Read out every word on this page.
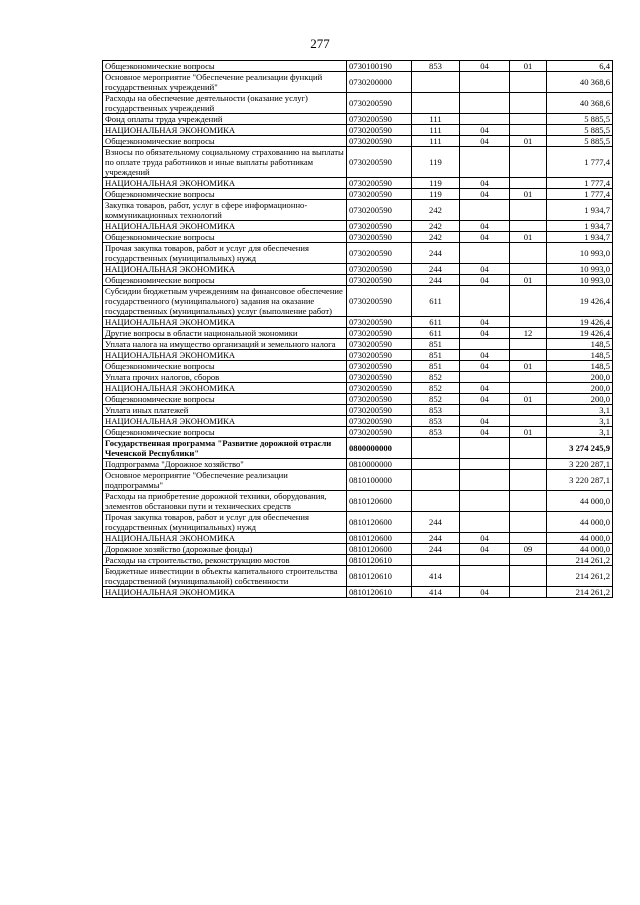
277
Общеэкономические вопросы	0730100190	853	04	01	6,4
Основное мероприятие "Обеспечение реализации функций государственных учреждений"	0730200000				40 368,6
Расходы на обеспечение деятельности (оказание услуг) государственных учреждений	0730200590				40 368,6
Фонд оплаты труда учреждений	0730200590	111			5 885,5
НАЦИОНАЛЬНАЯ ЭКОНОМИКА	0730200590	111	04		5 885,5
Общеэкономические вопросы	0730200590	111	04	01	5 885,5
Взносы по обязательному социальному страхованию на выплаты по оплате труда работников и иные выплаты работникам учреждений	0730200590	119			1 777,4
НАЦИОНАЛЬНАЯ ЭКОНОМИКА	0730200590	119	04		1 777,4
Общеэкономические вопросы	0730200590	119	04	01	1 777,4
Закупка товаров, работ, услуг в сфере информационно-коммуникационных технологий	0730200590	242			1 934,7
НАЦИОНАЛЬНАЯ ЭКОНОМИКА	0730200590	242	04		1 934,7
Общеэкономические вопросы	0730200590	242	04	01	1 934,7
Прочая закупка товаров, работ и услуг для обеспечения государственных (муниципальных) нужд	0730200590	244			10 993,0
НАЦИОНАЛЬНАЯ ЭКОНОМИКА	0730200590	244	04		10 993,0
Общеэкономические вопросы	0730200590	244	04	01	10 993,0
Субсидии бюджетным учреждениям на финансовое обеспечение государственного (муниципального) задания на оказание государственных (муниципальных) услуг (выполнение работ)	0730200590	611			19 426,4
НАЦИОНАЛЬНАЯ ЭКОНОМИКА	0730200590	611	04		19 426,4
Другие вопросы в области национальной экономики	0730200590	611	04	12	19 426,4
Уплата налога на имущество организаций и земельного налога	0730200590	851			148,5
НАЦИОНАЛЬНАЯ ЭКОНОМИКА	0730200590	851	04		148,5
Общеэкономические вопросы	0730200590	851	04	01	148,5
Уплата прочих налогов, сборов	0730200590	852			200,0
НАЦИОНАЛЬНАЯ ЭКОНОМИКА	0730200590	852	04		200,0
Общеэкономические вопросы	0730200590	852	04	01	200,0
Уплата иных платежей	0730200590	853			3,1
НАЦИОНАЛЬНАЯ ЭКОНОМИКА	0730200590	853	04		3,1
Общеэкономические вопросы	0730200590	853	04	01	3,1
Государственная программа "Развитие дорожной отрасли Чеченской Республики"	0800000000				3 274 245,9
Подпрограмма "Дорожное хозяйство"	0810000000				3 220 287,1
Основное мероприятие "Обеспечение реализации подпрограммы"	0810100000				3 220 287,1
Расходы на приобретение дорожной техники, оборудования, элементов обстановки пути и технических средств	0810120600				44 000,0
Прочая закупка товаров, работ и услуг для обеспечения государственных (муниципальных) нужд	0810120600	244			44 000,0
НАЦИОНАЛЬНАЯ ЭКОНОМИКА	0810120600	244	04		44 000,0
Дорожное хозяйство (дорожные фонды)	0810120600	244	04	09	44 000,0
Расходы на строительство, реконструкцию мостов	0810120610				214 261,2
Бюджетные инвестиции в объекты капитального строительства государственной (муниципальной) собственности	0810120610	414			214 261,2
НАЦИОНАЛЬНАЯ ЭКОНОМИКА	0810120610	414	04		214 261,2
